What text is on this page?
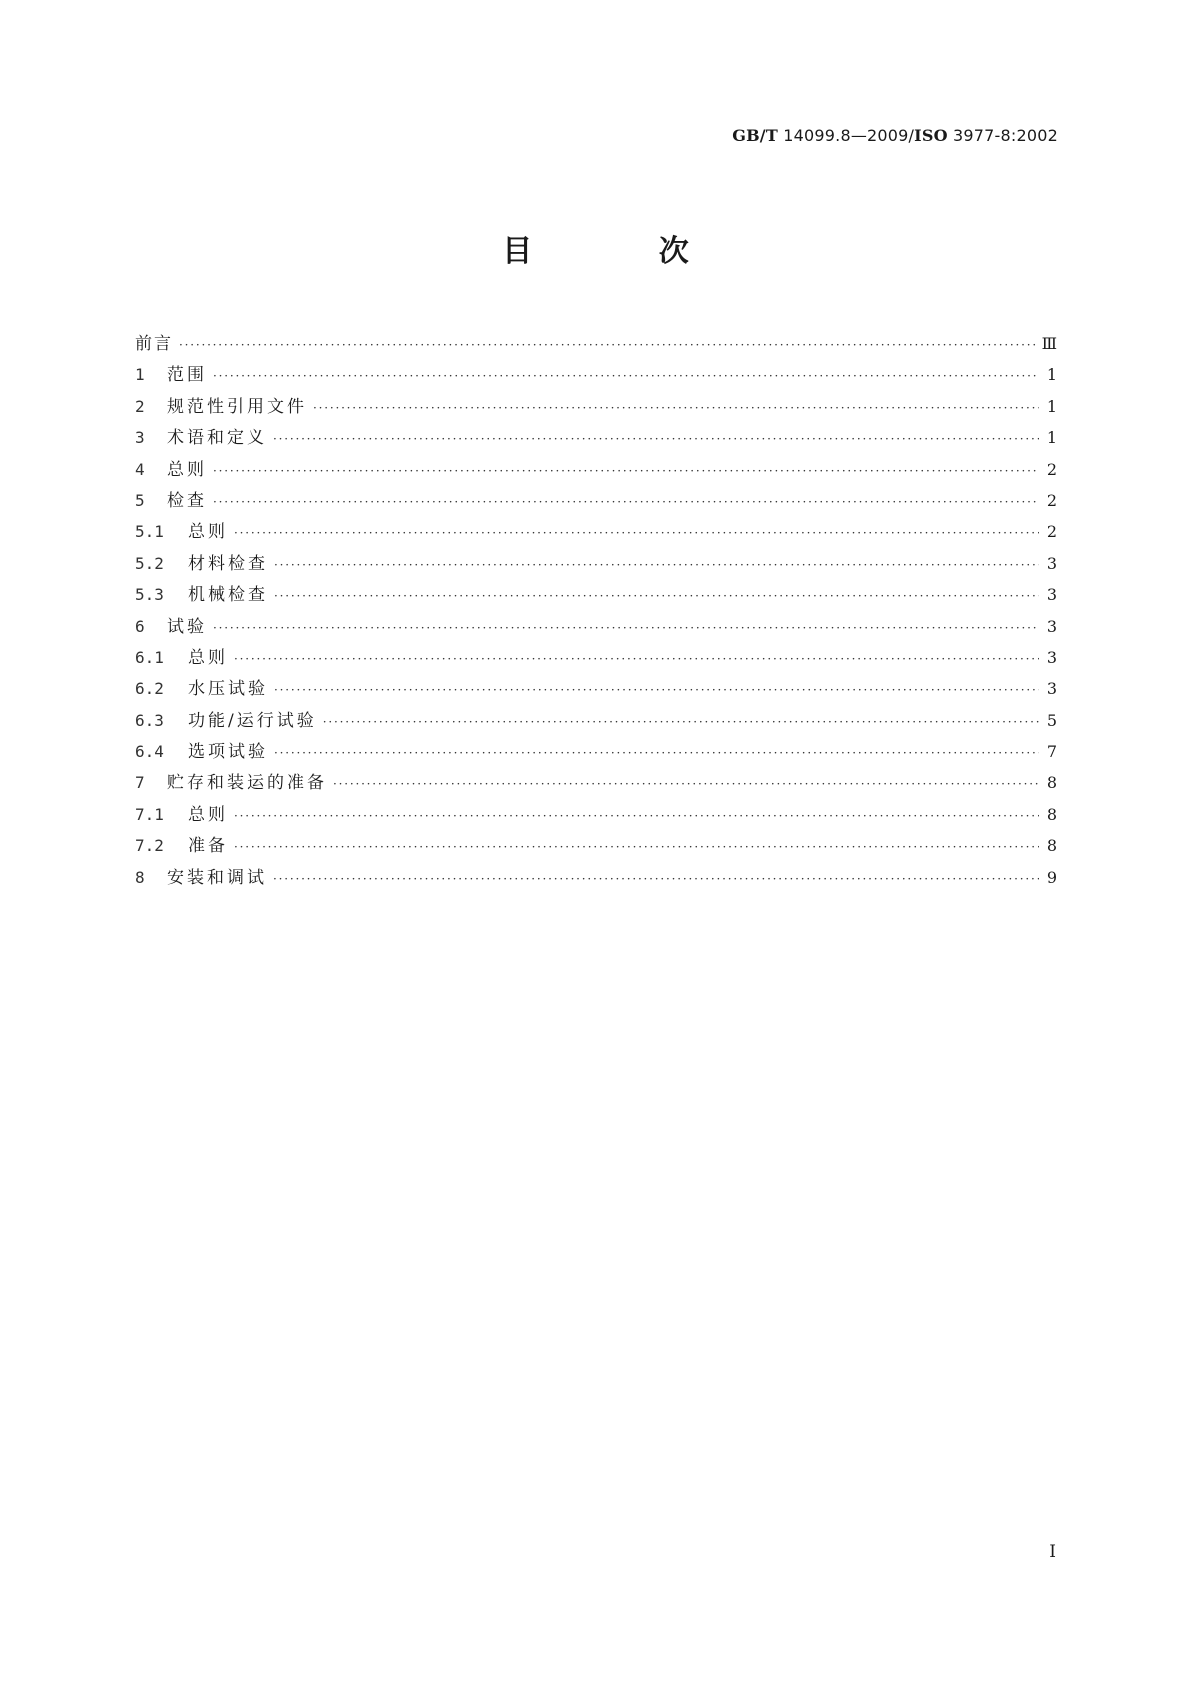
GB/T 14099.8—2009/ISO 3977-8:2002
目 次
前言 ·····	Ⅲ
1	范围 ·····	1
2	规范性引用文件 ·····	1
3	术语和定义 ·····	1
4	总则 ·····	2
5	检查 ·····	2
5.1	总则 ·····	2
5.2	材料检查 ·····	3
5.3	机械检查 ·····	3
6	试验 ·····	3
6.1	总则 ·····	3
6.2	水压试验 ·····	3
6.3	功能/运行试验 ·····	5
6.4	选项试验 ·····	7
7	贮存和装运的准备 ·····	8
7.1	总则 ·····	8
7.2	准备 ·····	8
8	安装和调试 ·····	9
I
